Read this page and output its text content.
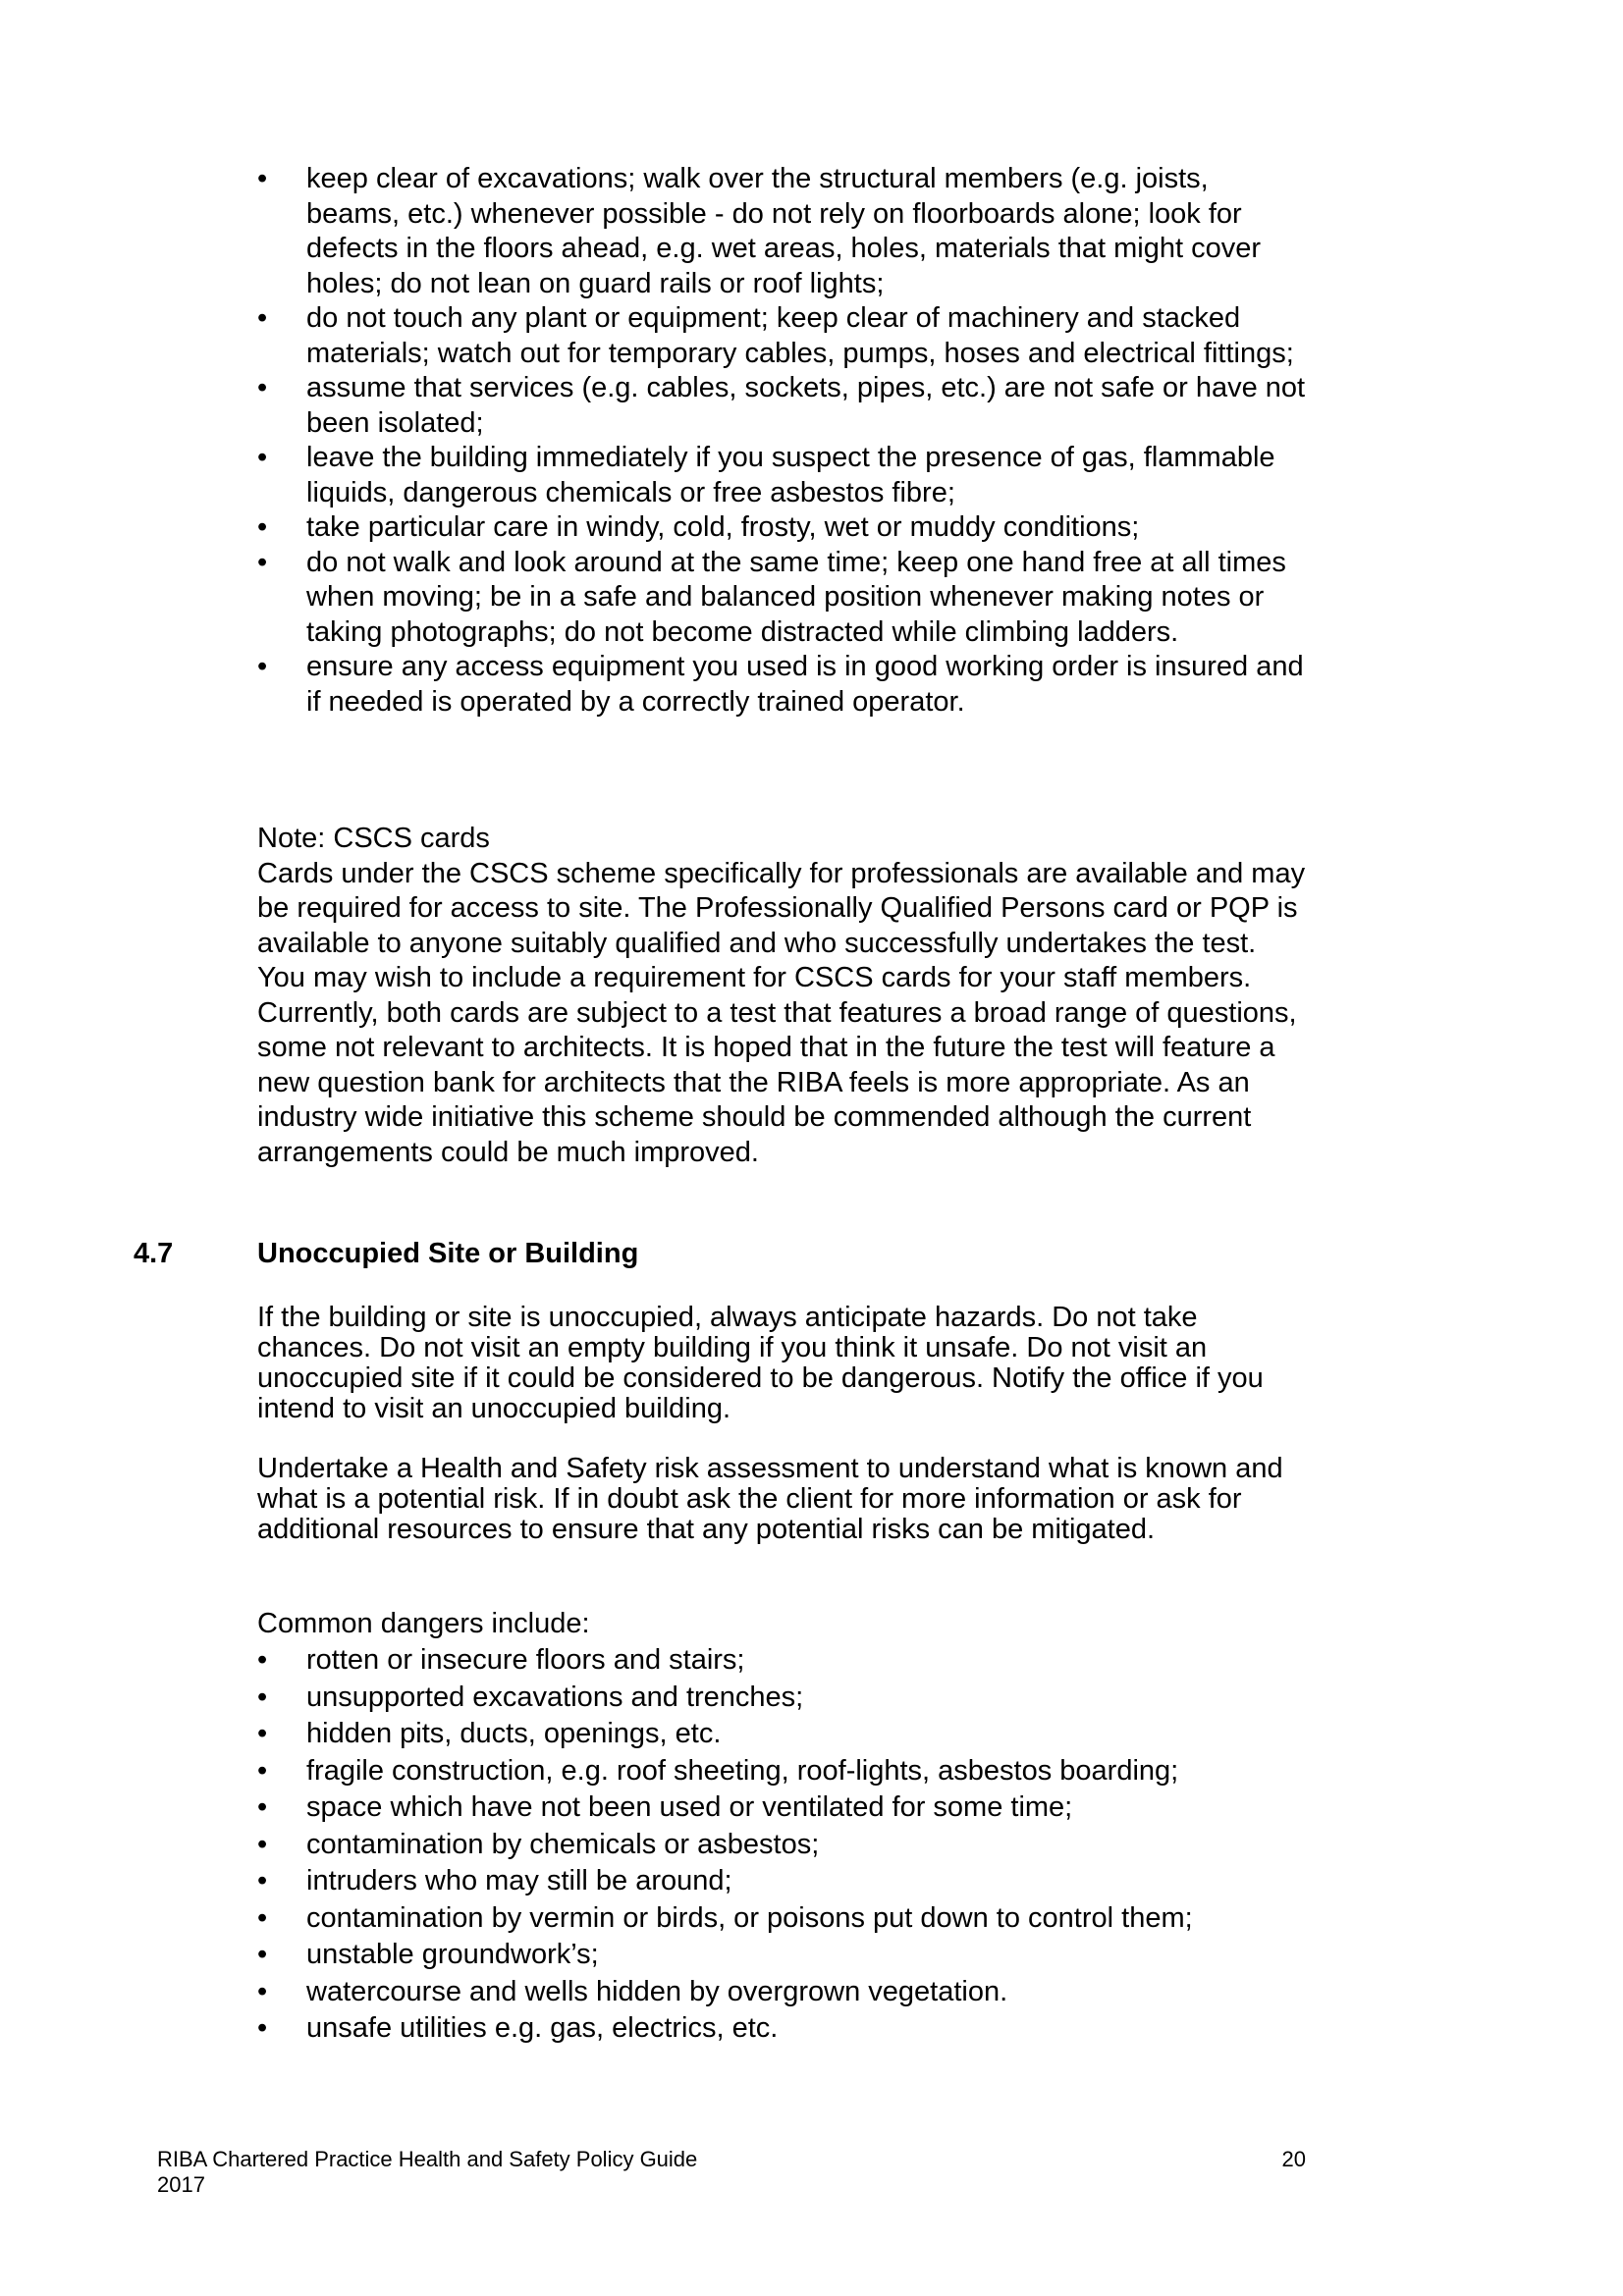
•	keep clear of excavations; walk over the structural members (e.g. joists, beams, etc.) whenever possible - do not rely on floorboards alone; look for defects in the floors ahead, e.g. wet areas, holes, materials that might cover holes; do not lean on guard rails or roof lights;
•	do not touch any plant or equipment; keep clear of machinery and stacked materials; watch out for temporary cables, pumps, hoses and electrical fittings;
•	assume that services (e.g. cables, sockets, pipes, etc.) are not safe or have not been isolated;
•	leave the building immediately if you suspect the presence of gas, flammable liquids, dangerous chemicals or free asbestos fibre;
•	take particular care in windy, cold, frosty, wet or muddy conditions;
•	do not walk and look around at the same time; keep one hand free at all times when moving; be in a safe and balanced position whenever making notes or taking photographs; do not become distracted while climbing ladders.
•	ensure any access equipment you used is in good working order is insured and if needed is operated by a correctly trained operator.

Note: CSCS cards

Cards under the CSCS scheme specifically for professionals are available and may be required for access to site. The Professionally Qualified Persons card or PQP is available to anyone suitably qualified and who successfully undertakes the test. You may wish to include a requirement for CSCS cards for your staff members. Currently, both cards are subject to a test that features a broad range of questions, some not relevant to architects. It is hoped that in the future the test will feature a new question bank for architects that the RIBA feels is more appropriate. As an industry wide initiative this scheme should be commended although the current arrangements could be much improved.

4.7	Unoccupied Site or Building

If the building or site is unoccupied, always anticipate hazards. Do not take chances. Do not visit an empty building if you think it unsafe. Do not visit an unoccupied site if it could be considered to be dangerous. Notify the office if you intend to visit an unoccupied building.

Undertake a Health and Safety risk assessment to understand what is known and what is a potential risk. If in doubt ask the client for more information or ask for additional resources to ensure that any potential risks can be mitigated.

Common dangers include:

•	rotten or insecure floors and stairs;
•	unsupported excavations and trenches;
•	hidden pits, ducts, openings, etc.
•	fragile construction, e.g. roof sheeting, roof-lights, asbestos boarding;
•	space which have not been used or ventilated for some time;
•	contamination by chemicals or asbestos;
•	intruders who may still be around;
•	contamination by vermin or birds, or poisons put down to control them;
•	unstable groundwork’s;
•	watercourse and wells hidden by overgrown vegetation.
•	unsafe utilities e.g. gas, electrics, etc.
RIBA Chartered Practice Health and Safety Policy Guide
2017
20
